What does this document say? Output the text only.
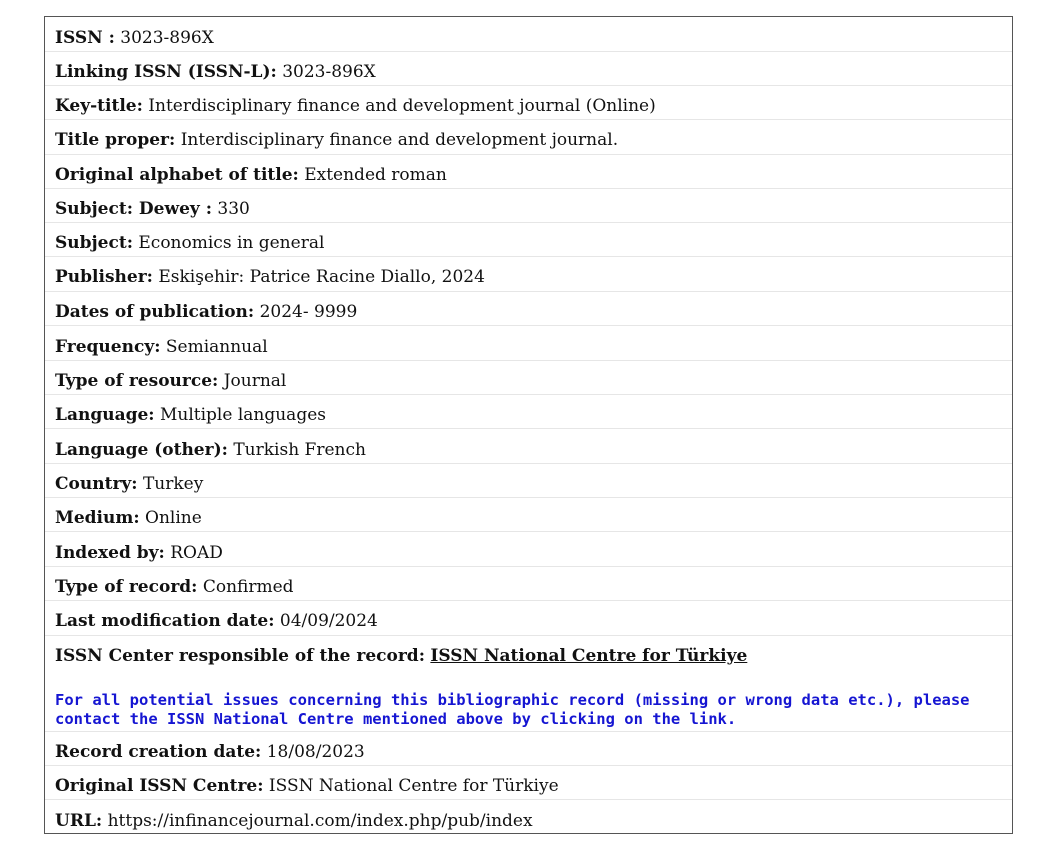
ISSN : 3023-896X
Linking ISSN (ISSN-L): 3023-896X
Key-title: Interdisciplinary finance and development journal (Online)
Title proper: Interdisciplinary finance and development journal.
Original alphabet of title: Extended roman
Subject: Dewey : 330
Subject: Economics in general
Publisher: Eskişehir: Patrice Racine Diallo, 2024
Dates of publication: 2024- 9999
Frequency: Semiannual
Type of resource: Journal
Language: Multiple languages
Language (other): Turkish French
Country: Turkey
Medium: Online
Indexed by: ROAD
Type of record: Confirmed
Last modification date: 04/09/2024
ISSN Center responsible of the record: ISSN National Centre for Türkiye
For all potential issues concerning this bibliographic record (missing or wrong data etc.), please contact the ISSN National Centre mentioned above by clicking on the link.
Record creation date: 18/08/2023
Original ISSN Centre: ISSN National Centre for Türkiye
URL: https://infinancejournal.com/index.php/pub/index
